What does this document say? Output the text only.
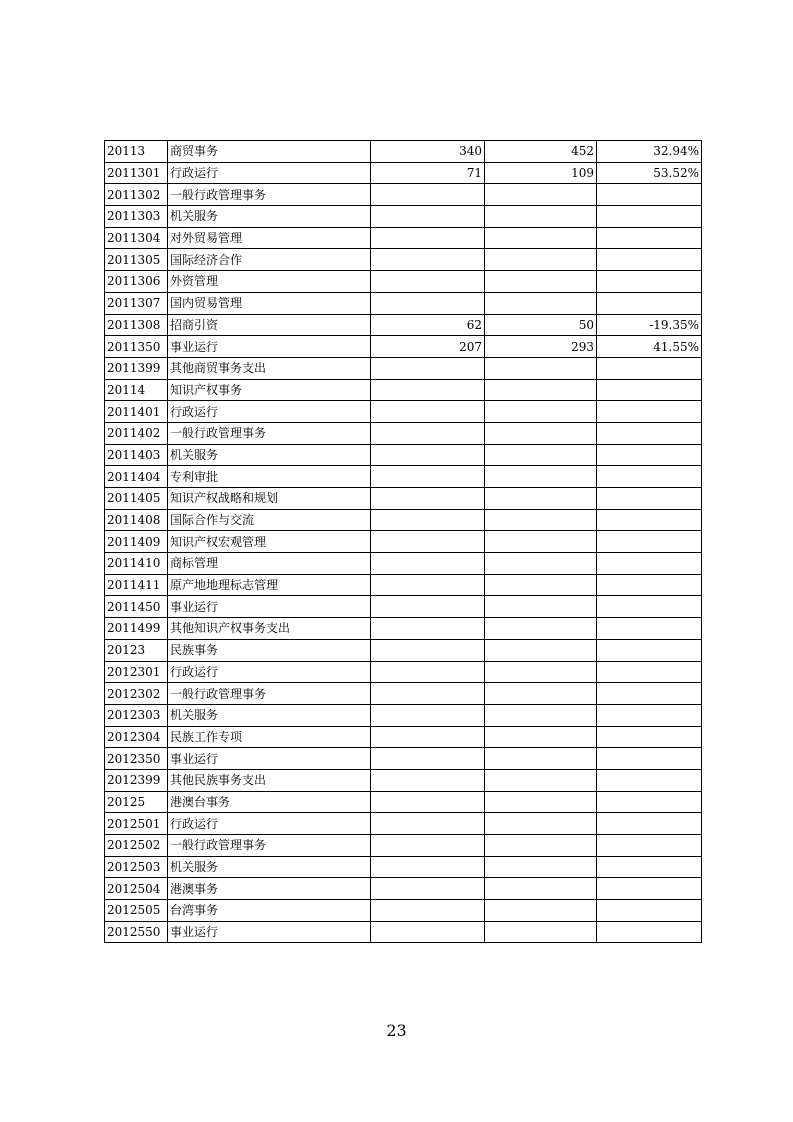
20113	商贸事务	340	452	32.94%
2011301	行政运行	71	109	53.52%
2011302	一般行政管理事务			
2011303	机关服务			
2011304	对外贸易管理			
2011305	国际经济合作			
2011306	外资管理			
2011307	国内贸易管理			
2011308	招商引资	62	50	-19.35%
2011350	事业运行	207	293	41.55%
2011399	其他商贸事务支出			
20114	知识产权事务			
2011401	行政运行			
2011402	一般行政管理事务			
2011403	机关服务			
2011404	专利审批			
2011405	知识产权战略和规划			
2011408	国际合作与交流			
2011409	知识产权宏观管理			
2011410	商标管理			
2011411	原产地地理标志管理			
2011450	事业运行			
2011499	其他知识产权事务支出			
20123	民族事务			
2012301	行政运行			
2012302	一般行政管理事务			
2012303	机关服务			
2012304	民族工作专项			
2012350	事业运行			
2012399	其他民族事务支出			
20125	港澳台事务			
2012501	行政运行			
2012502	一般行政管理事务			
2012503	机关服务			
2012504	港澳事务			
2012505	台湾事务			
2012550	事业运行			
23
